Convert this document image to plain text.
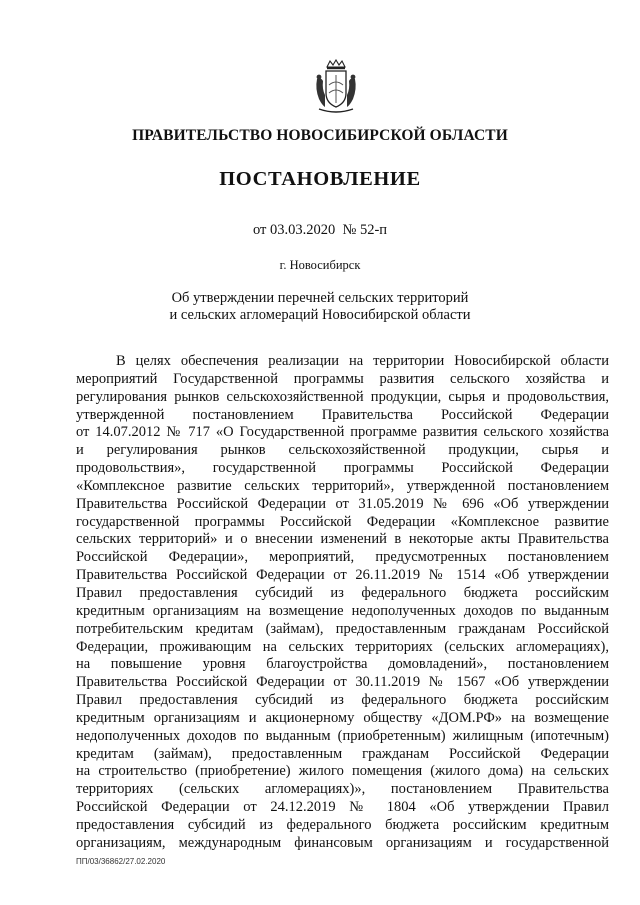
ПРАВИТЕЛЬСТВО НОВОСИБИРСКОЙ ОБЛАСТИ
ПОСТАНОВЛЕНИЕ
от 03.03.2020 № 52-п
г. Новосибирск
Об утверждении перечней сельских территорий
и сельских агломераций Новосибирской области
В целях обеспечения реализации на территории Новосибирской области
мероприятий Государственной программы развития сельского хозяйства и
регулирования рынков сельскохозяйственной продукции, сырья и продовольствия,
утвержденной постановлением Правительства Российской Федерации
от 14.07.2012 № 717 «О Государственной программе развития сельского хозяйства
и регулирования рынков сельскохозяйственной продукции, сырья и
продовольствия», государственной программы Российской Федерации
«Комплексное развитие сельских территорий», утвержденной постановлением
Правительства Российской Федерации от 31.05.2019 № 696 «Об утверждении
государственной программы Российской Федерации «Комплексное развитие
сельских территорий» и о внесении изменений в некоторые акты Правительства
Российской Федерации», мероприятий, предусмотренных постановлением
Правительства Российской Федерации от 26.11.2019 № 1514 «Об утверждении
Правил предоставления субсидий из федерального бюджета российским
кредитным организациям на возмещение недополученных доходов по выданным
потребительским кредитам (займам), предоставленным гражданам Российской
Федерации, проживающим на сельских территориях (сельских агломерациях),
на повышение уровня благоустройства домовладений», постановлением
Правительства Российской Федерации от 30.11.2019 № 1567 «Об утверждении
Правил предоставления субсидий из федерального бюджета российским
кредитным организациям и акционерному обществу «ДОМ.РФ» на возмещение
недополученных доходов по выданным (приобретенным) жилищным (ипотечным)
кредитам (займам), предоставленным гражданам Российской Федерации
на строительство (приобретение) жилого помещения (жилого дома) на сельских
территориях (сельских агломерациях)», постановлением Правительства
Российской Федерации от 24.12.2019 № 1804 «Об утверждении Правил
предоставления субсидий из федерального бюджета российским кредитным
организациям, международным финансовым организациям и государственной
ПП/03/36862/27.02.2020
